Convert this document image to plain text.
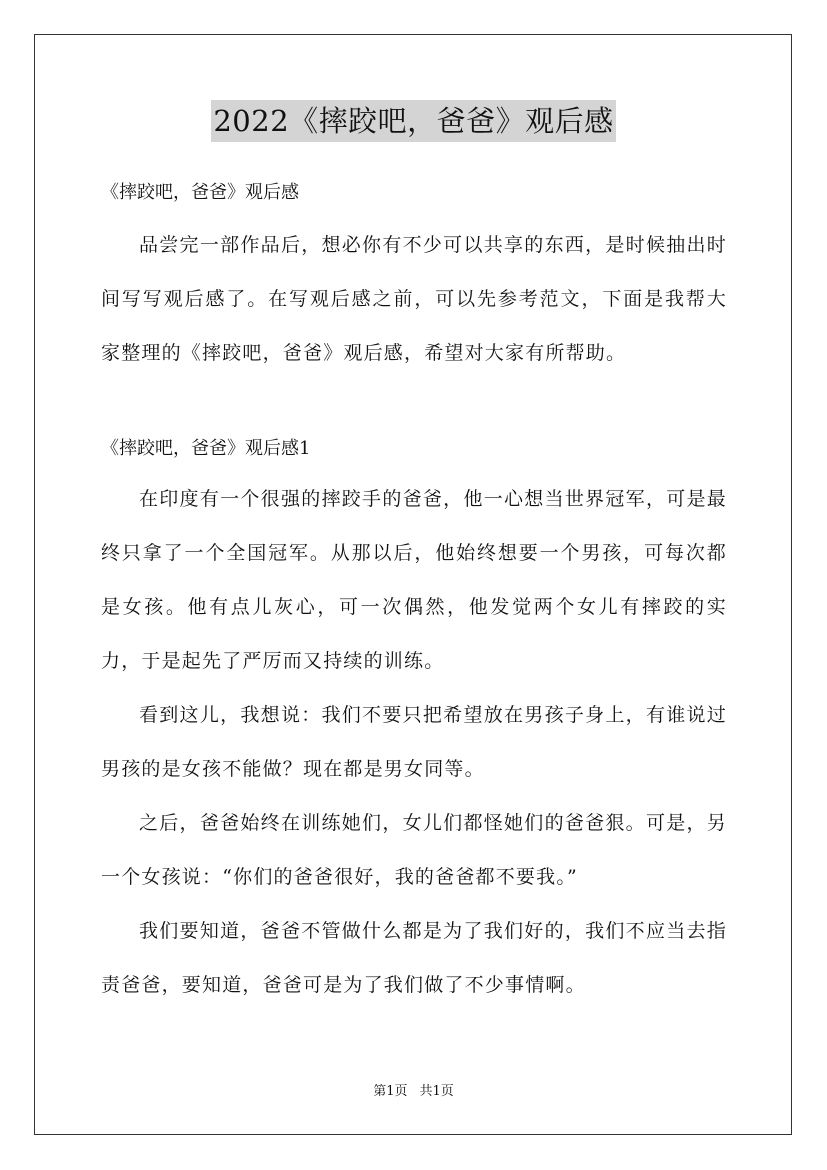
2022《摔跤吧，爸爸》观后感

《摔跤吧，爸爸》观后感

品尝完一部作品后，想必你有不少可以共享的东西，是时候抽出时间写写观后感了。在写观后感之前，可以先参考范文，下面是我帮大家整理的《摔跤吧，爸爸》观后感，希望对大家有所帮助。

《摔跤吧，爸爸》观后感1

在印度有一个很强的摔跤手的爸爸，他一心想当世界冠军，可是最终只拿了一个全国冠军。从那以后，他始终想要一个男孩，可每次都是女孩。他有点儿灰心，可一次偶然，他发觉两个女儿有摔跤的实力，于是起先了严厉而又持续的训练。

看到这儿，我想说：我们不要只把希望放在男孩子身上，有谁说过男孩的是女孩不能做？现在都是男女同等。

之后，爸爸始终在训练她们，女儿们都怪她们的爸爸狠。可是，另一个女孩说：“你们的爸爸很好，我的爸爸都不要我。”

我们要知道，爸爸不管做什么都是为了我们好的，我们不应当去指责爸爸，要知道，爸爸可是为了我们做了不少事情啊。

第1页 共1页
